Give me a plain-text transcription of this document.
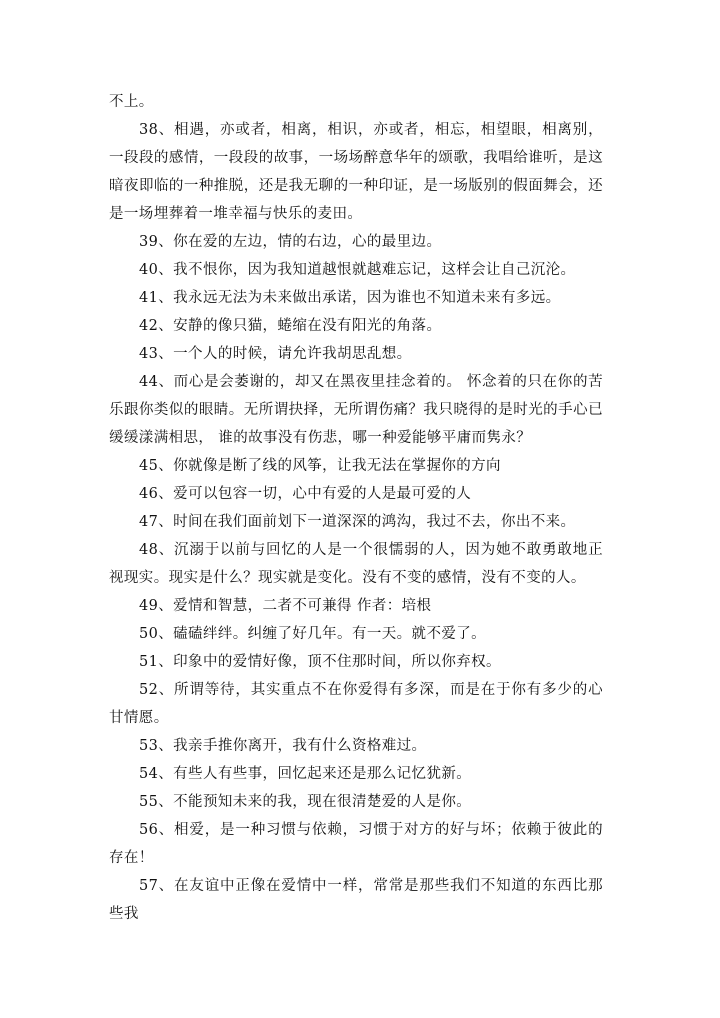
不上。

38、相遇，亦或者，相离，相识，亦或者，相忘，相望眼，相离别，一段段的感情，一段段的故事，一场场醉意华年的颂歌，我唱给谁听，是这暗夜即临的一种推脱，还是我无聊的一种印证，是一场版别的假面舞会，还是一场埋葬着一堆幸福与快乐的麦田。

39、你在爱的左边，情的右边，心的最里边。

40、我不恨你，因为我知道越恨就越难忘记，这样会让自己沉沦。

41、我永远无法为未来做出承诺，因为谁也不知道未来有多远。

42、安静的像只猫，蜷缩在没有阳光的角落。

43、一个人的时候，请允许我胡思乱想。

44、而心是会萎谢的，却又在黑夜里挂念着的。 怀念着的只在你的苦乐跟你类似的眼睛。无所谓抉择，无所谓伤痛？我只晓得的是时光的手心已缓缓漾满相思， 谁的故事没有伤悲，哪一种爱能够平庸而隽永？

45、你就像是断了线的风筝，让我无法在掌握你的方向

46、爱可以包容一切，心中有爱的人是最可爱的人

47、时间在我们面前划下一道深深的鸿沟，我过不去，你出不来。

48、沉溺于以前与回忆的人是一个很懦弱的人，因为她不敢勇敢地正视现实。现实是什么？现实就是变化。没有不变的感情，没有不变的人。

49、爱情和智慧，二者不可兼得 作者：培根

50、磕磕绊绊。纠缠了好几年。有一天。就不爱了。

51、印象中的爱情好像，顶不住那时间，所以你弃权。

52、所谓等待，其实重点不在你爱得有多深，而是在于你有多少的心甘情愿。

53、我亲手推你离开，我有什么资格难过。

54、有些人有些事，回忆起来还是那么记忆犹新。

55、不能预知未来的我，现在很清楚爱的人是你。

56、相爱，是一种习惯与依赖，习惯于对方的好与坏；依赖于彼此的存在！

57、在友谊中正像在爱情中一样，常常是那些我们不知道的东西比那些我
